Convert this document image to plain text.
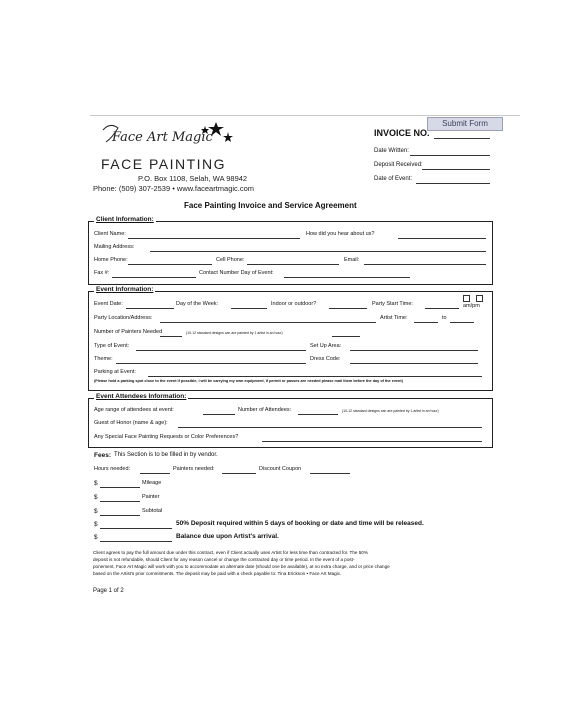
Submit Form
Face Art Magic
FACE PAINTING
P.O. Box 1108, Selah, WA 98942
Phone: (509) 307-2539 • www.faceartmagic.com
INVOICE NO.
Date Written:
Deposit Received:
Date of Event:
Face Painting Invoice and Service Agreement
Client Information:
Client Name:	How did you hear about us?
Mailing Address:
Home Phone:	Cell Phone:	Email:
Fax #:	Contact Number Day of Event:
Event Information:
Event Date:	Day of the Week:	Indoor or outdoor?	Party Start Time:	am/pm
Party Location/Address:	Artist Time:	to
Number of Painters Needed	(10-12 standard designs can are painted by 1 artist in an hour)
Type of Event:	Set Up Area:
Theme:	Dress Code:
Parking at Event:
(Please hold a parking spot close to the event if possible, I will be carrying my own equipment, if permit or passes are needed please mail them before the day of the event)
Event Attendees Information:
Age range of attendees at event:	Number of Attendees:	(10-12 standard designs can are painted by 1 artist in an hour)
Guest of Honor (name & age):
Any Special Face Painting Requests or Color Preferences?
Fees: This Section is to be filled in by vendor.
Hours needed:	Painters needed:	Discount Coupon
$	Mileage
$	Painter
$	Subtotal
$	50% Deposit required within 5 days of booking or date and time will be released.
$	Balance due upon Artist's arrival.
Client agrees to pay the full amount due under this contract, even if Client actually uses Artist for less time than contracted for. The 50%
deposit is not refundable, should Client for any reason cancel or change the contracted day or time period. In the event of a post-
ponement, Face Art Magic will work with you to accommodate an alternate date (should one be available), at no extra charge, and or price change
based on the Artist's prior commitments. The deposit may be paid with a check payable to: Tina Erickson • Face Art Magic.
Page 1 of 2
